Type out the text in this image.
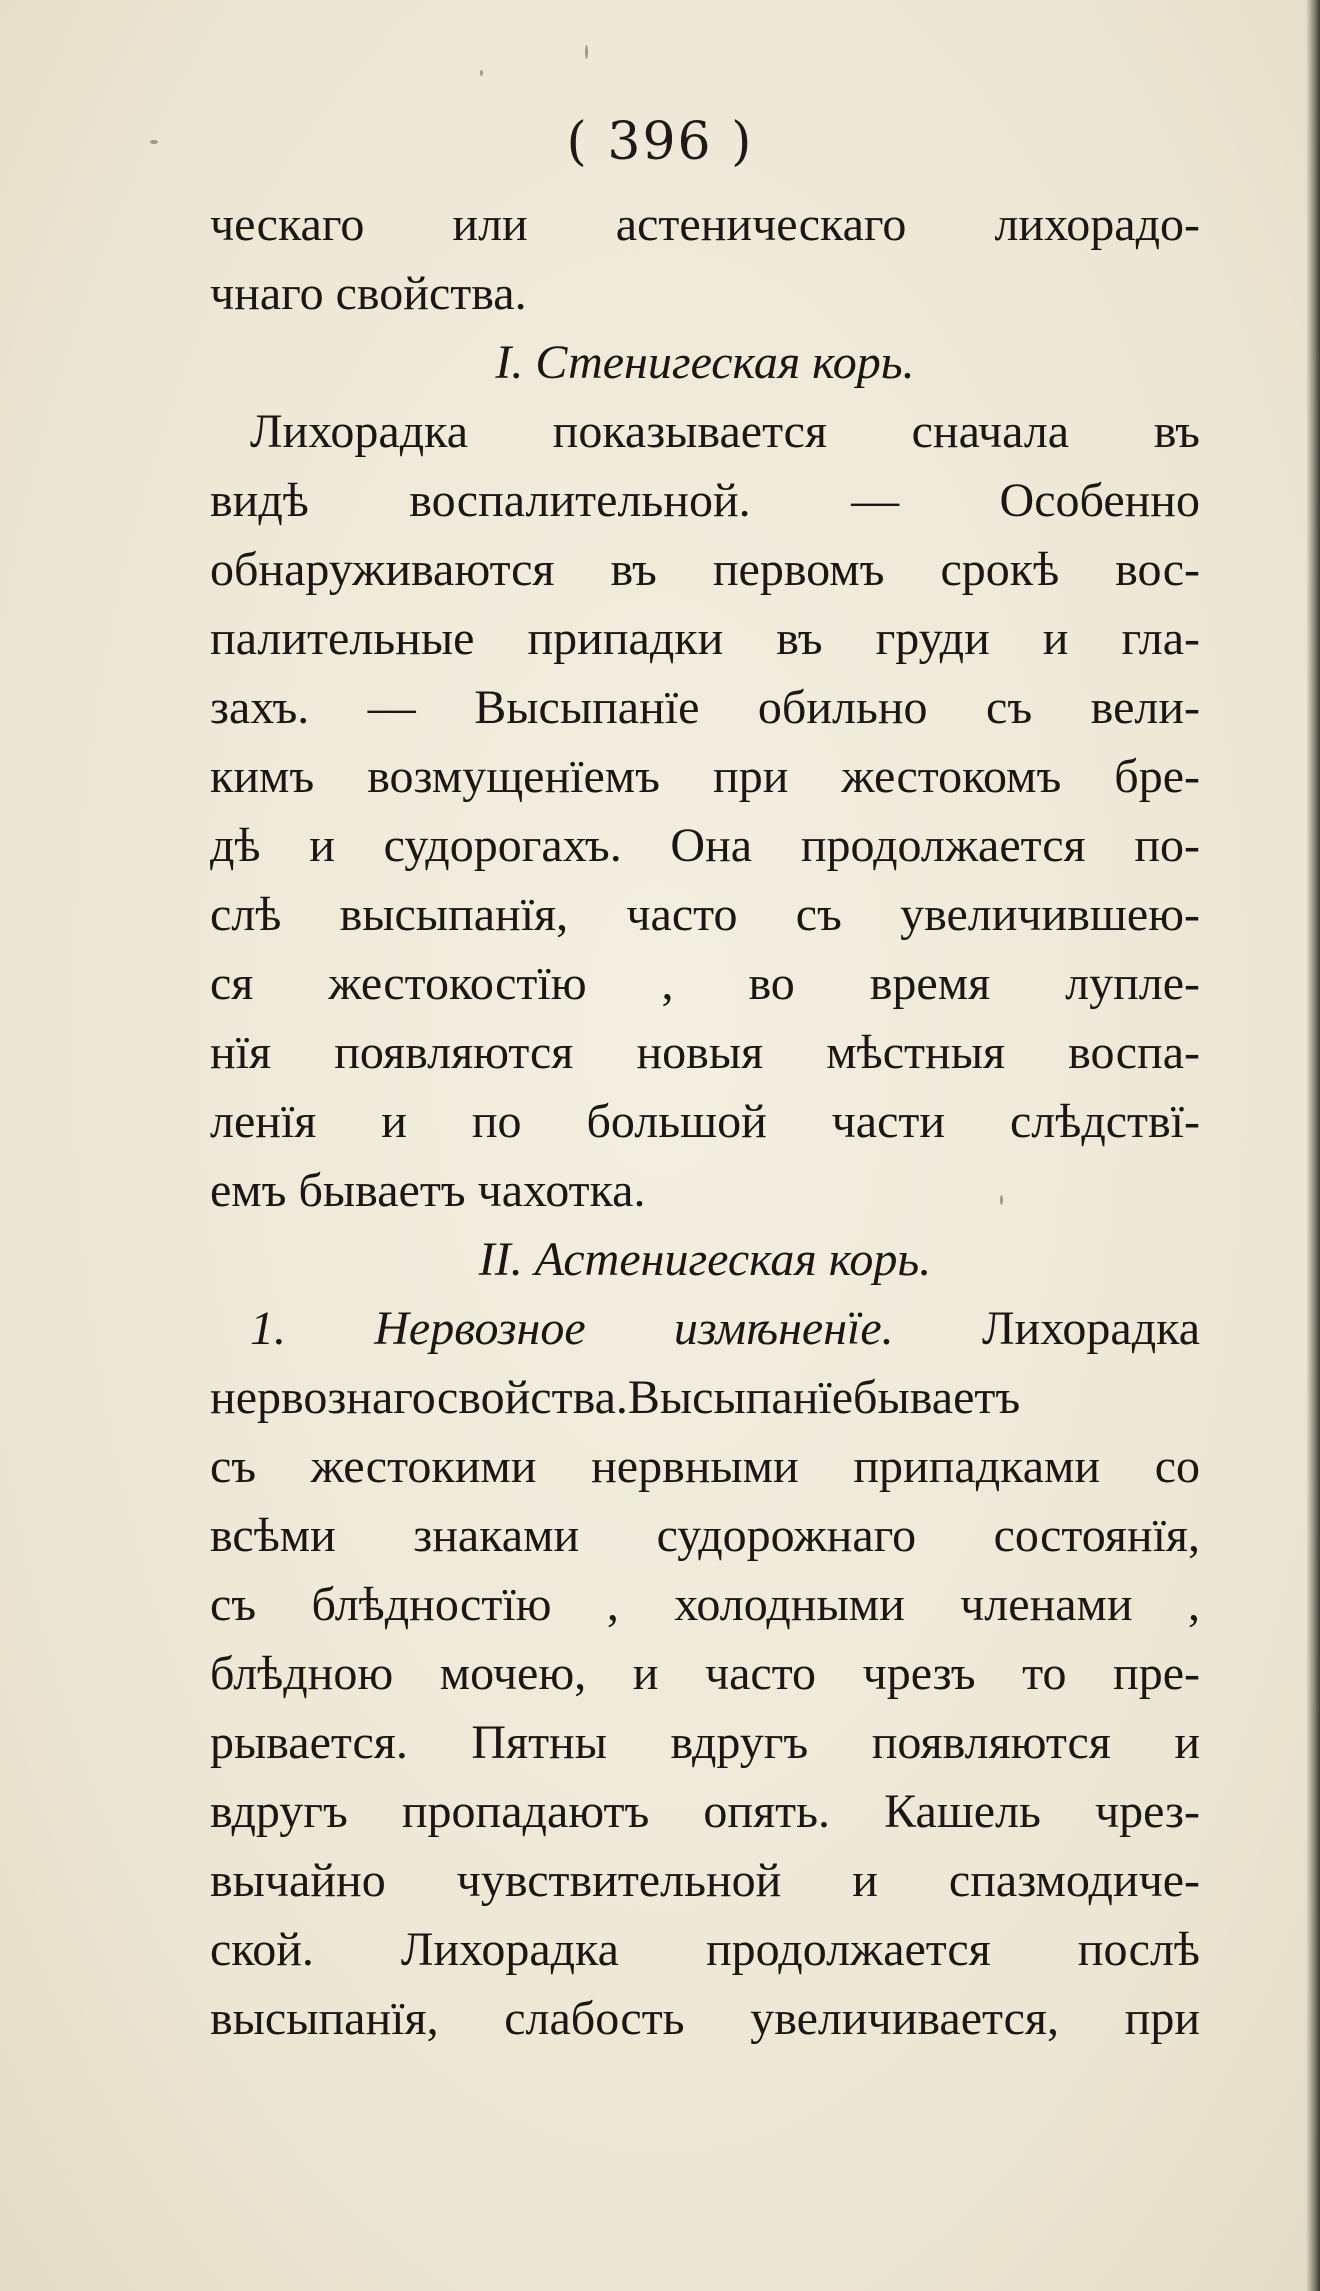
( 396 )
ческаго или астеническаго лихорадо-
чнаго свойства.
I. Стенигеская корь.
Лихорадка показывается сначала въ
видѣ воспалительной. — Особенно
обнаруживаются въ первомъ срокѣ вос-
палительные припадки въ груди и гла-
захъ. — Высыпанїе обильно съ вели-
кимъ возмущенїемъ при жестокомъ бре-
дѣ и судорогахъ. Она продолжается по-
слѣ высыпанїя, часто съ увеличившею-
ся жестокостїю , во время лупле-
нїя появляются новыя мѣстныя воспа-
ленїя и по большой части слѣдствї-
емъ бываетъ чахотка.
II. Астенигеская корь.
1. Нервозное измѣненїе. Лихорадка
нервознагосвойства.Высыпанїебываетъ
съ жестокими нервными припадками со
всѣми знаками судорожнаго состоянїя,
съ блѣдностїю , холодными членами ,
блѣдною мочею, и часто чрезъ то пре-
рывается. Пятны вдругъ появляются и
вдругъ пропадаютъ опять. Кашель чрез-
вычайно чувствительной и спазмодиче-
ской. Лихорадка продолжается послѣ
высыпанїя, слабость увеличивается, при
